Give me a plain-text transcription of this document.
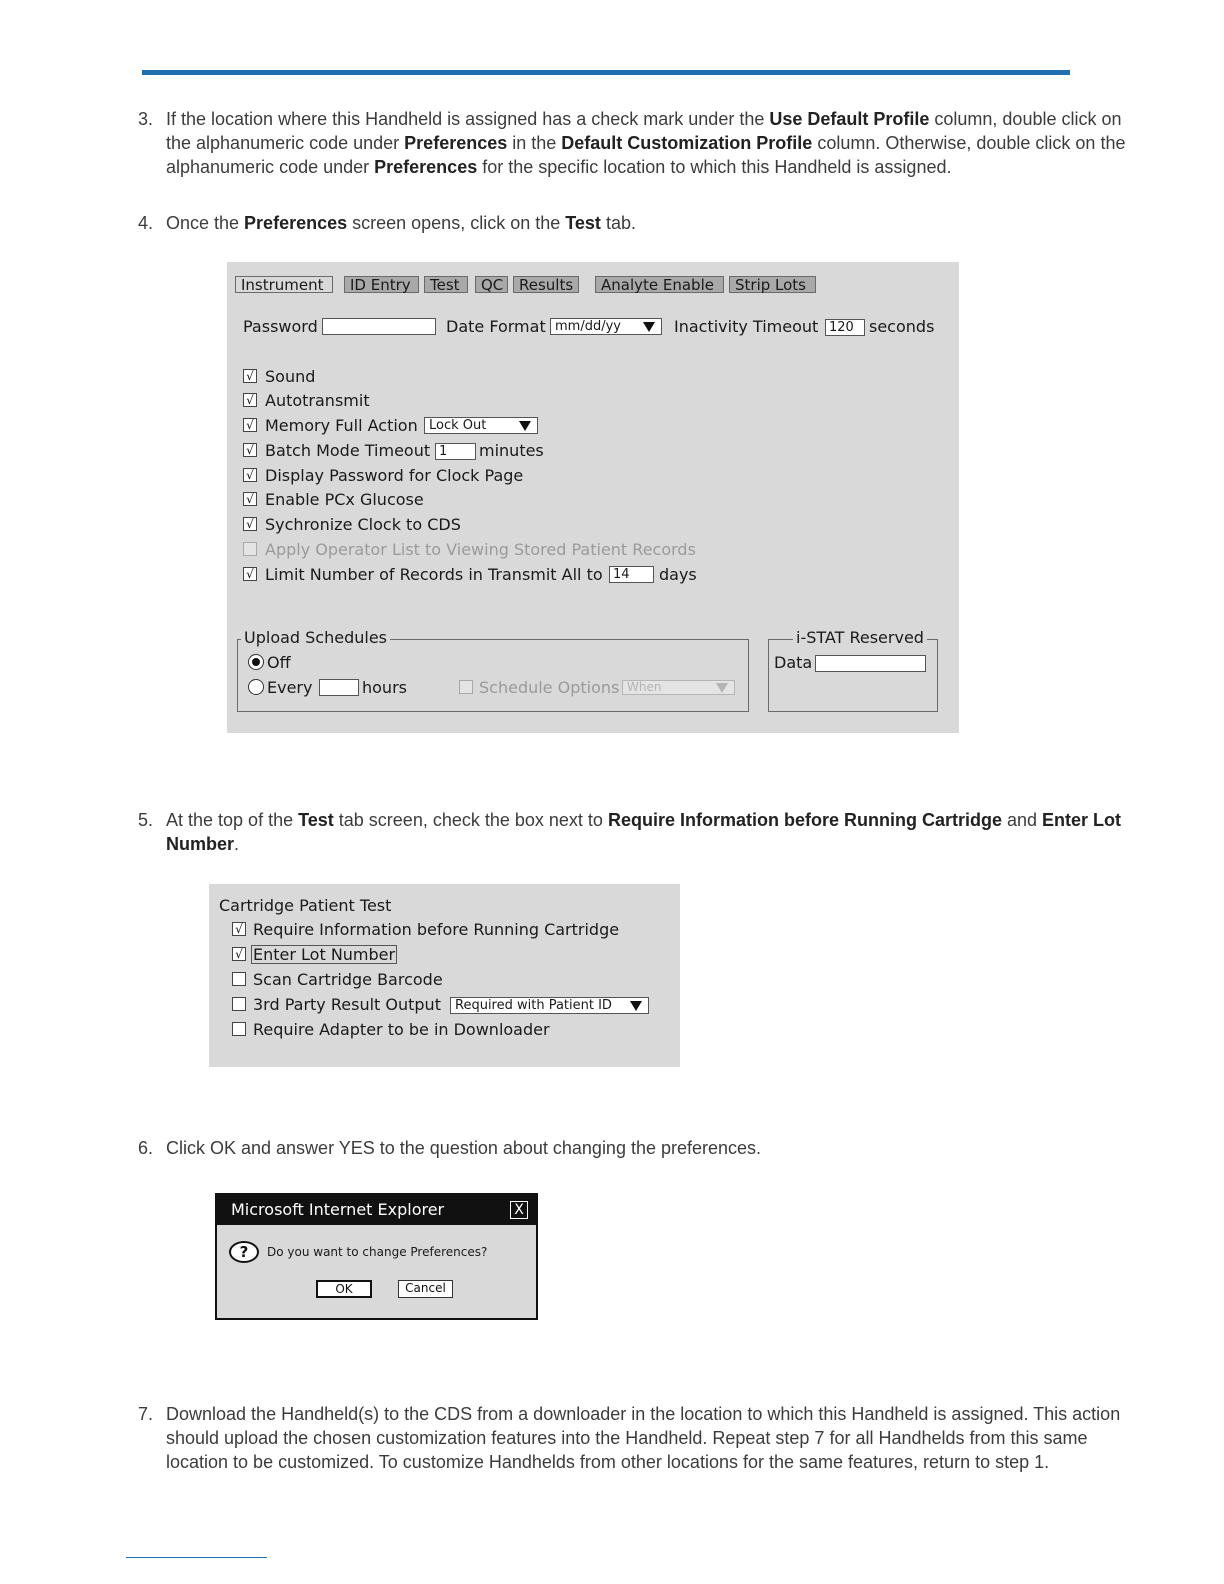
3. If the location where this Handheld is assigned has a check mark under the Use Default Profile column, double click on the alphanumeric code under Preferences in the Default Customization Profile column. Otherwise, double click on the alphanumeric code under Preferences for the specific location to which this Handheld is assigned.
4. Once the Preferences screen opens, click on the Test tab.
Instrument	ID Entry	Test	QC	Results	Analyte Enable	Strip Lots
Password	Date Format mm/dd/yy	Inactivity Timeout 120 seconds
√ Sound
√ Autotransmit
√ Memory Full Action Lock Out
√ Batch Mode Timeout 1	minutes
√ Display Password for Clock Page
√ Enable PCx Glucose
√ Sychronize Clock to CDS
Apply Operator List to Viewing Stored Patient Records
√ Limit Number of Records in Transmit All to 14	days
Upload Schedules
Off
Every	hours	Schedule Options When
i-STAT Reserved
Data
5. At the top of the Test tab screen, check the box next to Require Information before Running Cartridge and Enter Lot Number.
Cartridge Patient Test
√ Require Information before Running Cartridge
√ Enter Lot Number
Scan Cartridge Barcode
3rd Party Result Output	Required with Patient ID
Require Adapter to be in Downloader
6. Click OK and answer YES to the question about changing the preferences.
Microsoft Internet Explorer	X
?	Do you want to change Preferences?
OK	Cancel
7. Download the Handheld(s) to the CDS from a downloader in the location to which this Handheld is assigned. This action should upload the chosen customization features into the Handheld. Repeat step 7 for all Handhelds from this same location to be customized. To customize Handhelds from other locations for the same features, return to step 1.
